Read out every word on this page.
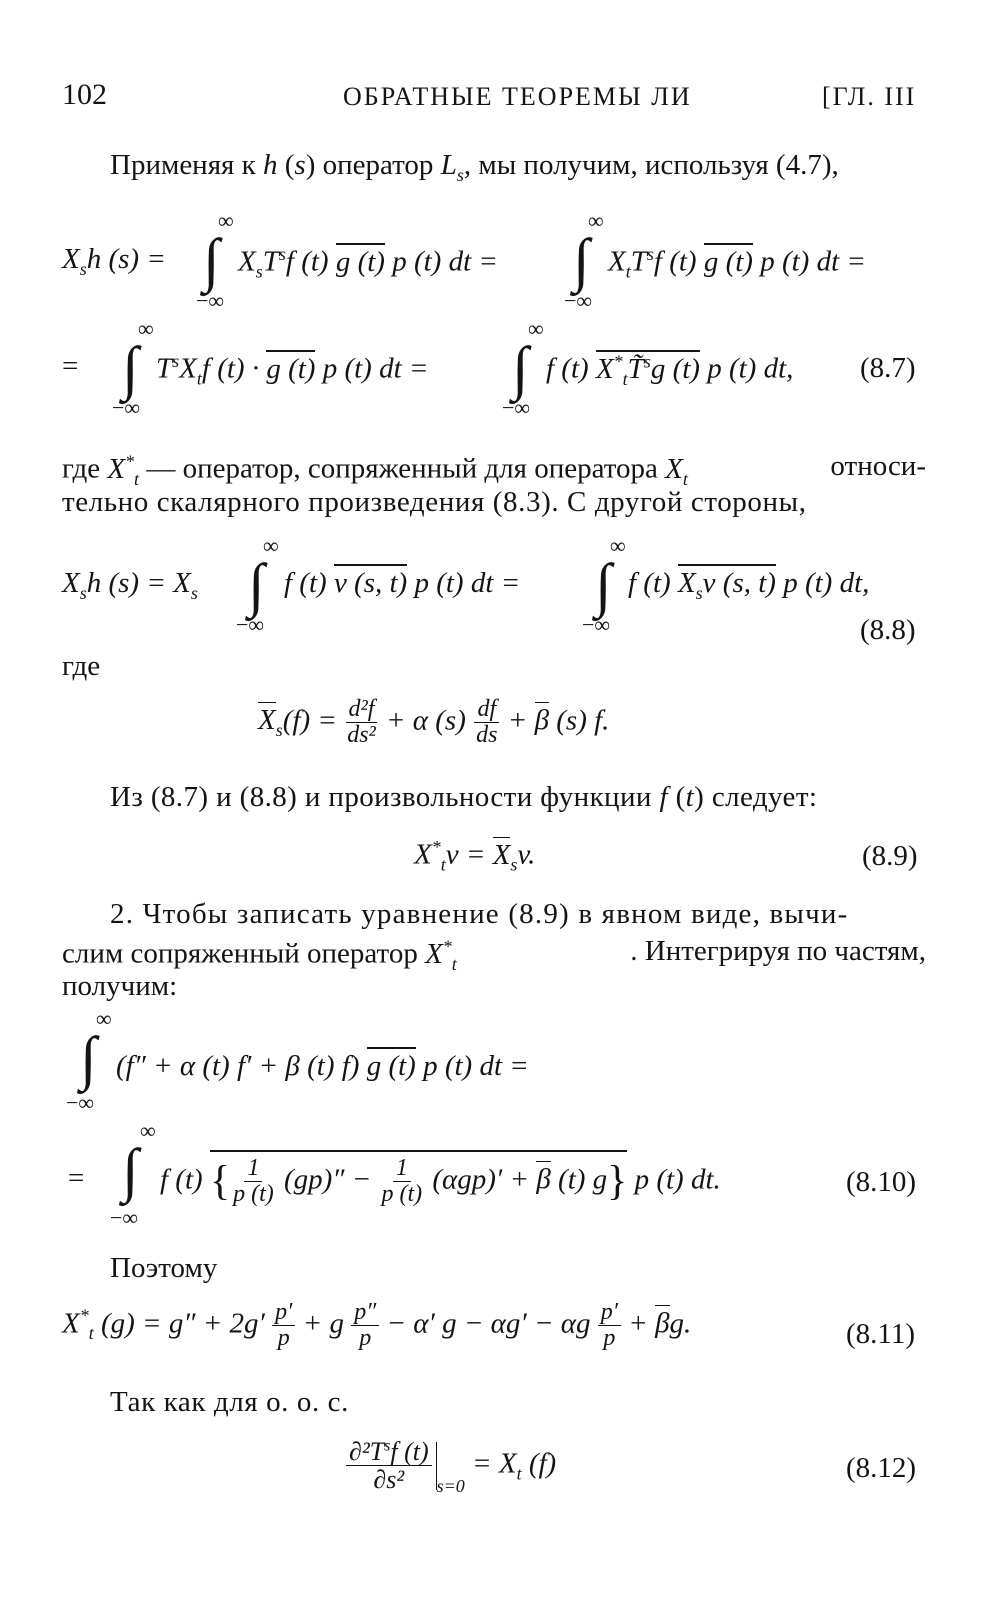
102	ОБРАТНЫЕ ТЕОРЕМЫ ЛИ	[ГЛ. III
Применяя к h (s) оператор $L_s$, мы получим, используя (4.7),
∞
−∞
∞
−∞
∫	∫
$X_sh$ $(s) = X_sT^sf$ (t) g (t) p (t) dt =	$X_tT^sf$ (t) g (t) p (t) dt =
∞
−∞
∞
−∞
∫	∫
=	$T^sX_tf$ (t) · g (t) p (t) dt =	f (t) $X^*_tT̃^sg$ (t) p (t) dt, (8.7)
где $X^*_t$ — оператор, сопряженный для оператора $X_t$	относи-
тельно скалярного произведения (8.3). С другой стороны,
∞
−∞
∞
−∞
∫	∫
$X_sh$ $(s) = X_s$	f (t) v (s, t) p (t) dt =	f (t) $X_sv$ (s, t) p (t) dt,
(8.8)
где
$X_s(f) = \frac{\text{d²f}}{\text{ds²}} + \alpha$ $(s) \frac{df}{ds} + \beta$ (s) f.
Из (8.7) и (8.8) и произвольности функции f (t) следует:
$X^*_tv = X_sv$.	(8.9)
2. Чтобы записать уравнение (8.9) в явном виде, вычи-
слим сопряженный оператор $X^*_t$	. Интегрируя по частям,
получим:
∞
−∞
∫ (f″ + α (t) f′ + β (t) f) g (t) p (t) dt =
∞
−∞
∫
=	f (t) { $\frac{1}{p (t)} (gp)'' - \frac{1}{p (t)} (\alpha gp)' + \beta$ (t) g} p (t) dt.	(8.10)
Поэтому
$X^*_t$ $(g) = g'' + 2g' \frac{p'}{p} + g \frac{p''}{p} - \alpha'$ g − αg′ − αg $\frac{p'}{p} + \beta g$.	(8.11)
Так как для о. о. с.
$\frac{\partial^2T^sf (t)}{\text{∂s²}} _{s=0} = X_t$ (f)	(8.12)
